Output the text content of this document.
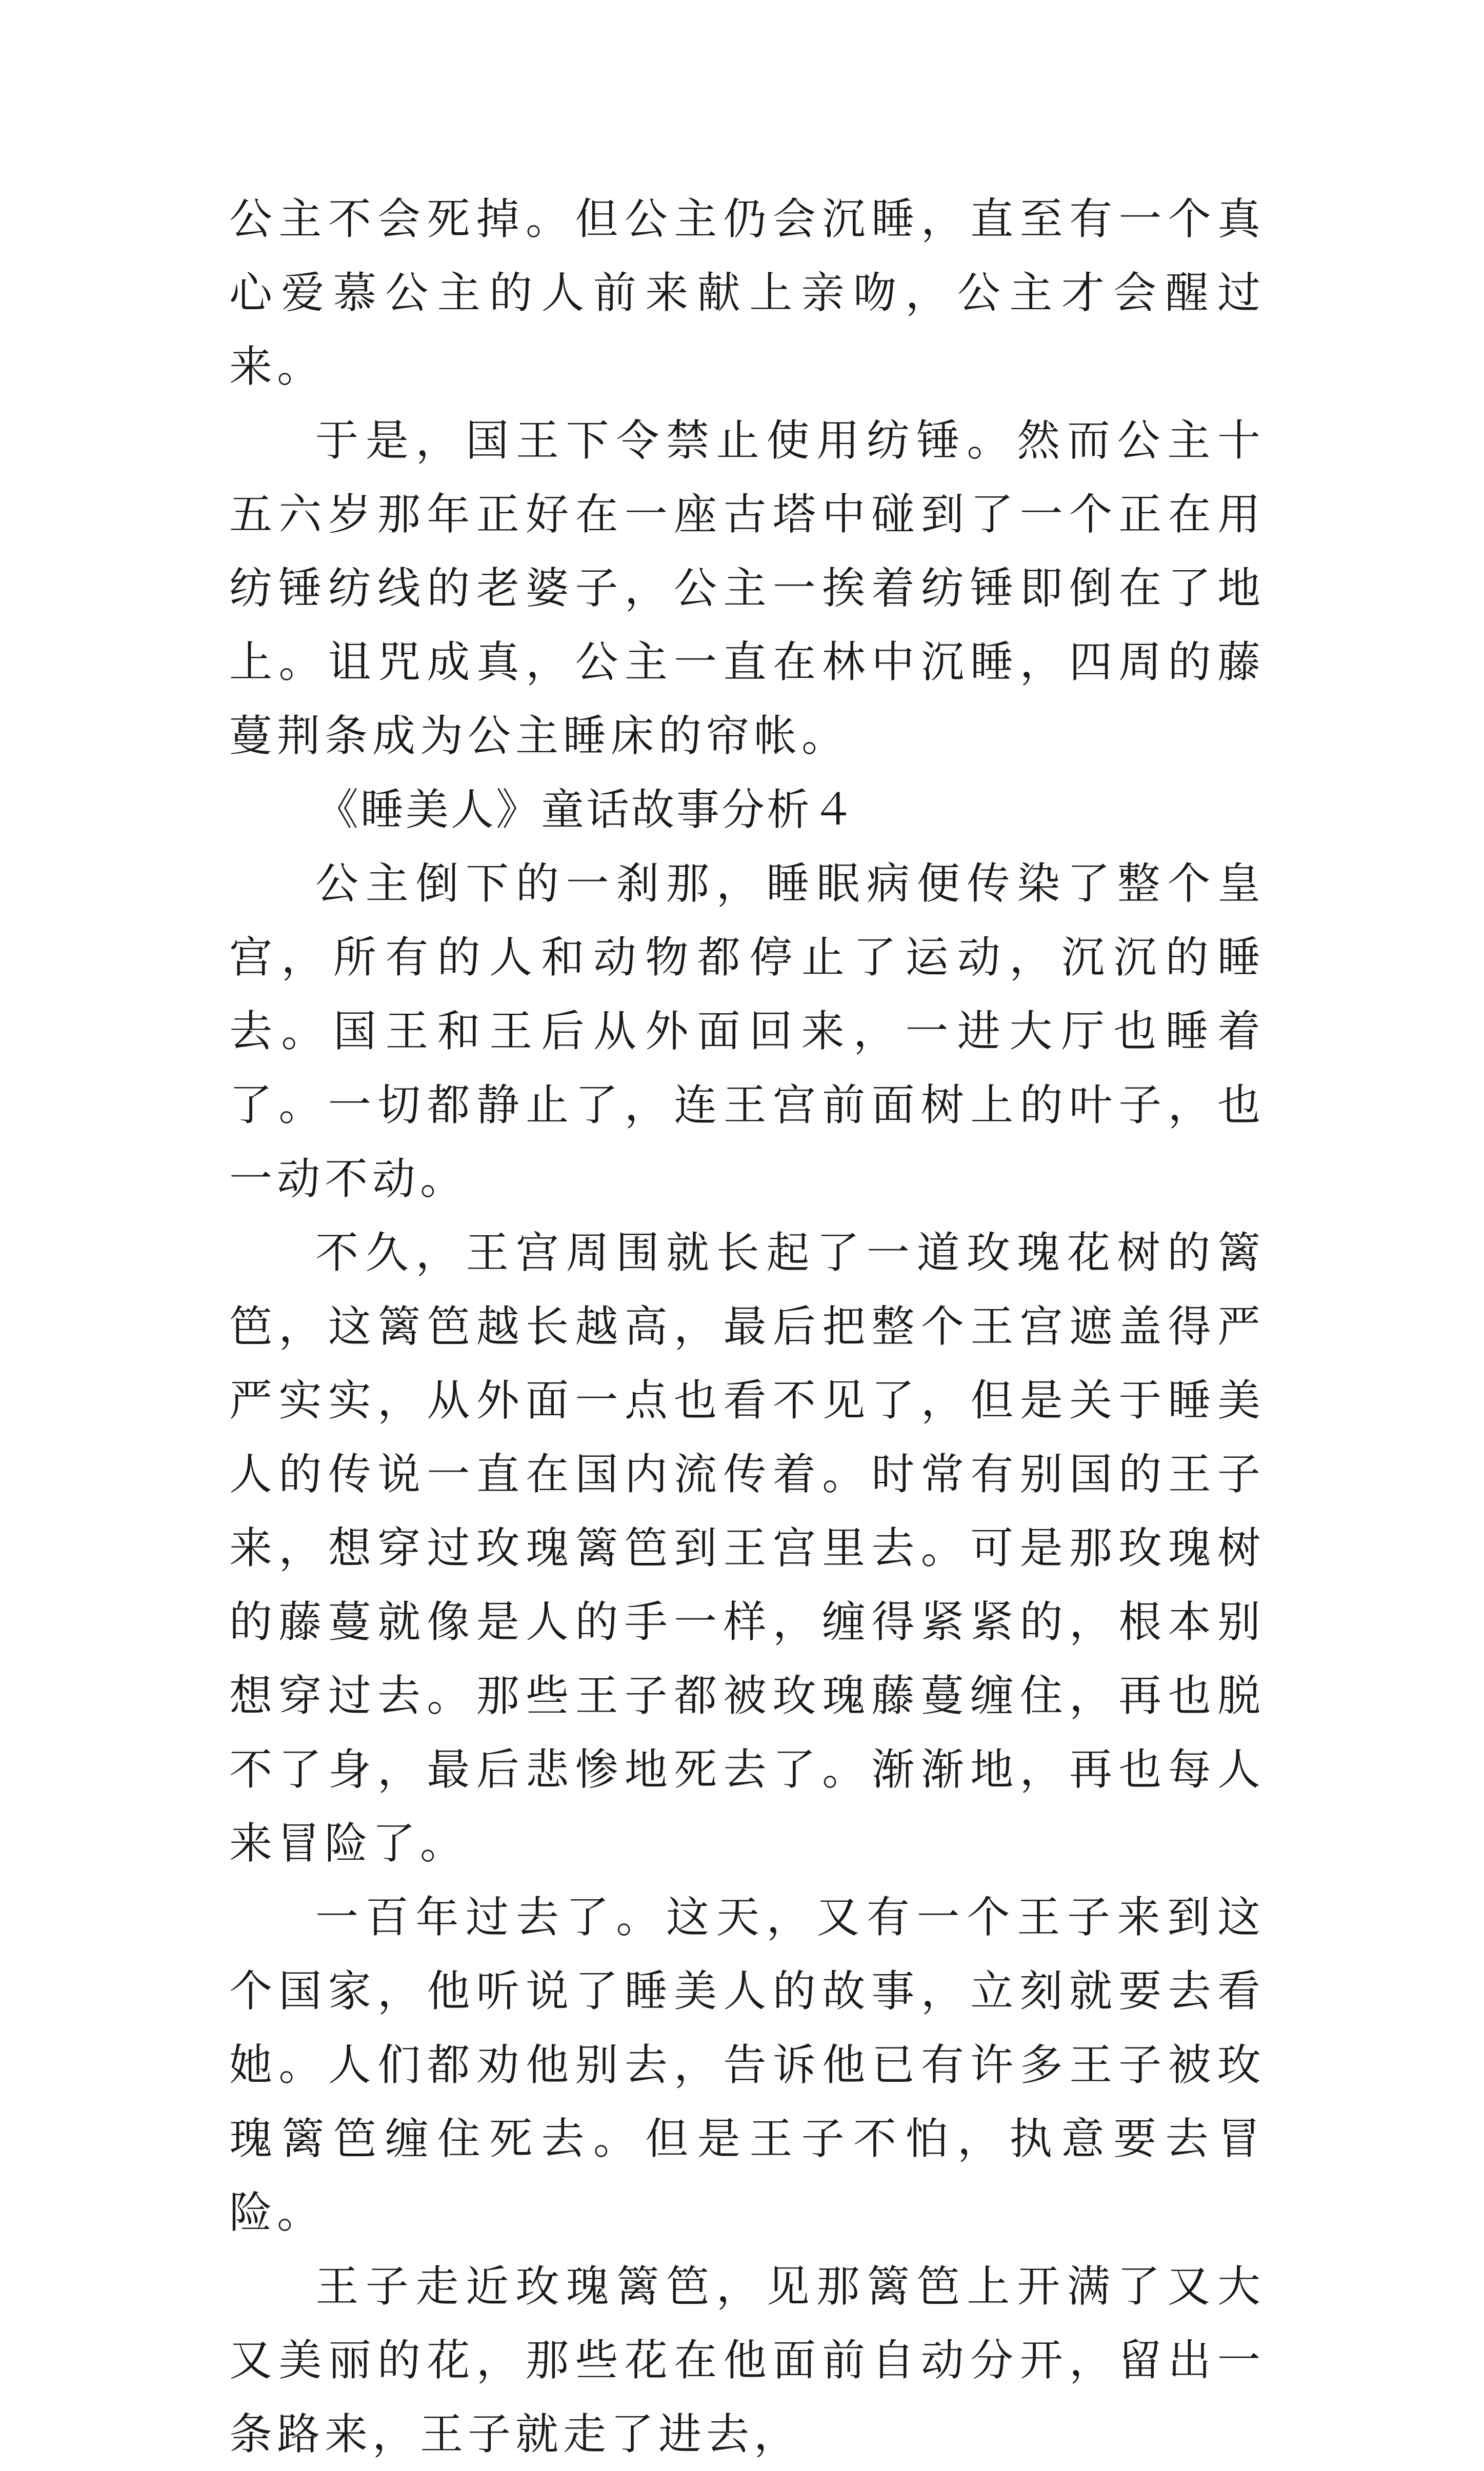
公主不会死掉。但公主仍会沉睡，直至有一个真心爱慕公主的人前来献上亲吻，公主才会醒过来。

于是，国王下令禁止使用纺锤。然而公主十五六岁那年正好在一座古塔中碰到了一个正在用纺锤纺线的老婆子，公主一挨着纺锤即倒在了地上。诅咒成真，公主一直在林中沉睡，四周的藤蔓荆条成为公主睡床的帘帐。

《睡美人》童话故事分析４

公主倒下的一刹那，睡眠病便传染了整个皇宫，所有的人和动物都停止了运动，沉沉的睡去。国王和王后从外面回来，一进大厅也睡着了。一切都静止了，连王宫前面树上的叶子，也一动不动。

不久，王宫周围就长起了一道玫瑰花树的篱笆，这篱笆越长越高，最后把整个王宫遮盖得严严实实，从外面一点也看不见了，但是关于睡美人的传说一直在国内流传着。时常有别国的王子来，想穿过玫瑰篱笆到王宫里去。可是那玫瑰树的藤蔓就像是人的手一样，缠得紧紧的，根本别想穿过去。那些王子都被玫瑰藤蔓缠住，再也脱不了身，最后悲惨地死去了。渐渐地，再也每人来冒险了。

一百年过去了。这天，又有一个王子来到这个国家，他听说了睡美人的故事，立刻就要去看她。人们都劝他别去，告诉他已有许多王子被玫瑰篱笆缠住死去。但是王子不怕，执意要去冒险。

王子走近玫瑰篱笆，见那篱笆上开满了又大又美丽的花，那些花在他面前自动分开，留出一条路来，王子就走了进去，
